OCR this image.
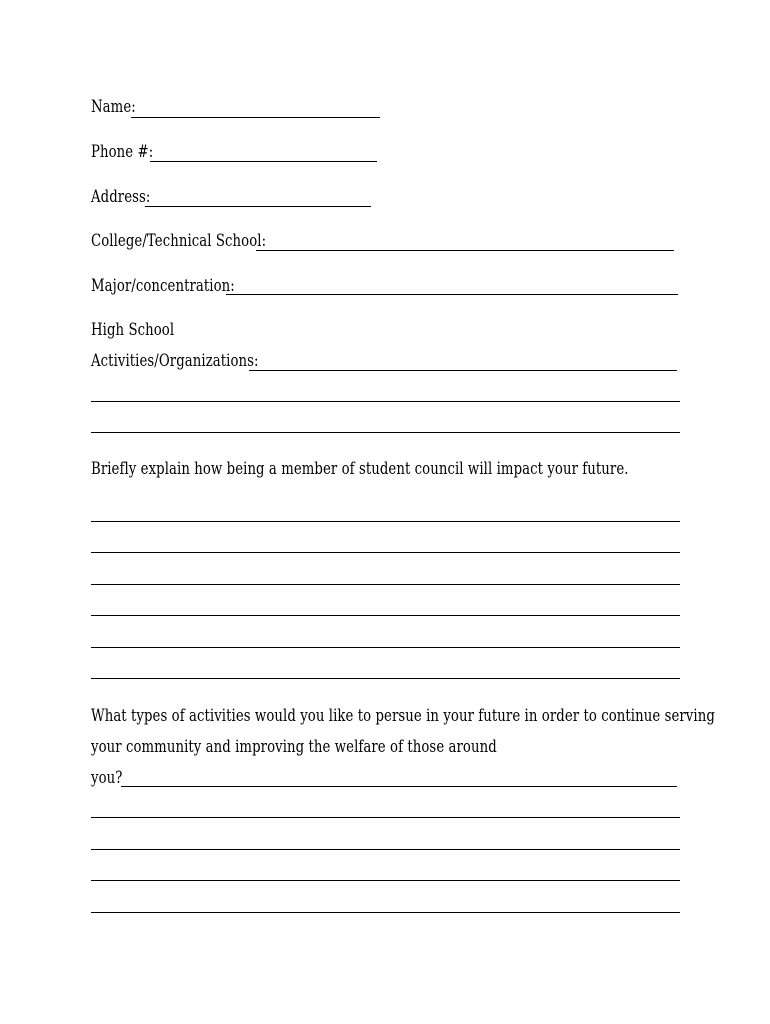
Name:
Phone #:
Address:
College/Technical School:
Major/concentration:
High School
Activities/Organizations:
Briefly explain how being a member of student council will impact your future.
What types of activities would you like to persue in your future in order to continue serving
your community and improving the welfare of those around
you?
